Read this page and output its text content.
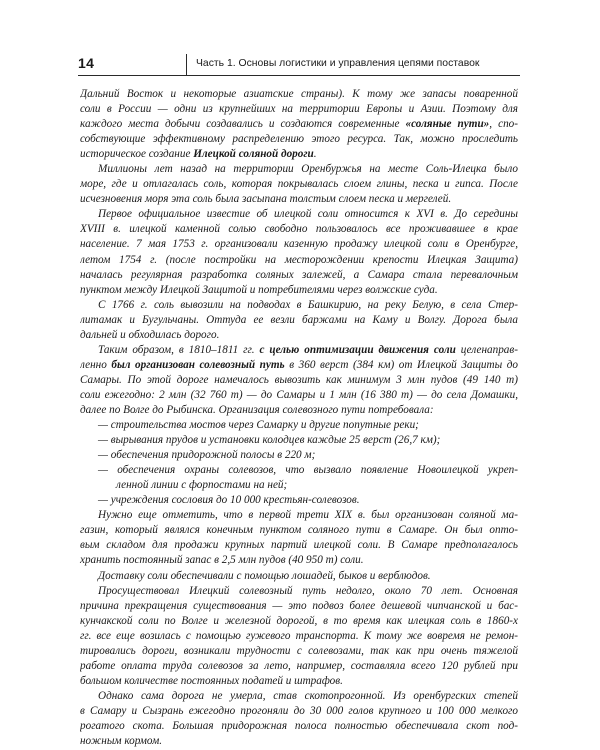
14	Часть 1. Основы логистики и управления цепями поставок
Дальний Восток и некоторые азиатские страны). К тому же запасы поваренной
соли в России — одни из крупнейших на территории Европы и Азии. Поэтому для
каждого места добычи создавались и создаются современные «соляные пути», спо-
собствующие эффективному распределению этого ресурса. Так, можно проследить
историческое создание Илецкой соляной дороги.
Миллионы лет назад на территории Оренбуржья на месте Соль-Илецка было
море, где и отлагалась соль, которая покрывалась слоем глины, песка и гипса. После
исчезновения моря эта соль была засыпана толстым слоем песка и мергелей.
Первое официальное известие об илецкой соли относится к XVI в. До середины
XVIII в. илецкой каменной солью свободно пользовалось все проживавшее в крае
население. 7 мая 1753 г. организовали казенную продажу илецкой соли в Оренбурге,
летом 1754 г. (после постройки на месторождении крепости Илецкая Защита)
началась регулярная разработка соляных залежей, а Самара стала перевалочным
пунктом между Илецкой Защитой и потребителями через волжские суда.
С 1766 г. соль вывозили на подводах в Башкирию, на реку Белую, в села Стер-
литамак и Бугульчаны. Оттуда ее везли баржами на Каму и Волгу. Дорога была
дальней и обходилась дорого.
Таким образом, в 1810–1811 гг. с целью оптимизации движения соли целенаправ-
ленно был организован солевозный путь в 360 верст (384 км) от Илецкой Защиты до
Самары. По этой дороге намечалось вывозить как минимум 3 млн пудов (49 140 т)
соли ежегодно: 2 млн (32 760 т) — до Самары и 1 млн (16 380 т) — до села Домашки,
далее по Волге до Рыбинска. Организация солевозного пути потребовала:
— строительства мостов через Самарку и другие попутные реки;
— вырывания прудов и установки колодцев каждые 25 верст (26,7 км);
— обеспечения придорожной полосы в 220 м;
— обеспечения охраны солевозов, что вызвало появление Новоилецкой укреп-
ленной линии с форпостами на ней;
— учреждения сословия до 10 000 крестьян-солевозов.
Нужно еще отметить, что в первой трети XIX в. был организован соляной ма-
газин, который являлся конечным пунктом соляного пути в Самаре. Он был опто-
вым складом для продажи крупных партий илецкой соли. В Самаре предполагалось
хранить постоянный запас в 2,5 млн пудов (40 950 т) соли.
Доставку соли обеспечивали с помощью лошадей, быков и верблюдов.
Просуществовал Илецкий солевозный путь недолго, около 70 лет. Основная
причина прекращения существования — это подвоз более дешевой чипчанской и бас-
кунчакской соли по Волге и железной дорогой, в то время как илецкая соль в 1860-х
гг. все еще возилась с помощью гужевого транспорта. К тому же вовремя не ремон-
тировались дороги, возникали трудности с солевозами, так как при очень тяжелой
работе оплата труда солевозов за лето, например, составляла всего 120 рублей при
большом количестве постоянных податей и штрафов.
Однако сама дорога не умерла, став скотопрогонной. Из оренбургских степей
в Самару и Сызрань ежегодно прогоняли до 30 000 голов крупного и 100 000 мелкого
рогатого скота. Большая придорожная полоса полностью обеспечивала скот под-
ножным кормом.
